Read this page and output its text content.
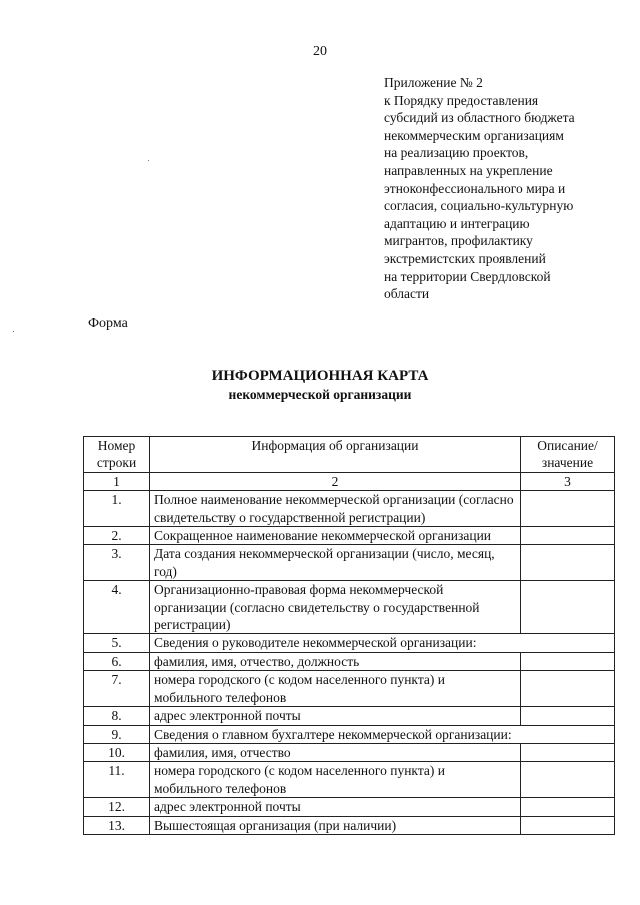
20
Приложение № 2
к Порядку предоставления
субсидий из областного бюджета
некоммерческим организациям
на реализацию проектов,
направленных на укрепление
этноконфессионального мира и
согласия, социально-культурную
адаптацию и интеграцию
мигрантов, профилактику
экстремистских проявлений
на территории Свердловской
области
Форма
ИНФОРМАЦИОННАЯ КАРТА
некоммерческой организации
Номер строки	Информация об организации	Описание/ значение
1	2	3
1.	Полное наименование некоммерческой организации (согласно свидетельству о государственной регистрации)	
2.	Сокращенное наименование некоммерческой организации	
3.	Дата создания некоммерческой организации (число, месяц, год)	
4.	Организационно-правовая форма некоммерческой организации (согласно свидетельству о государственной регистрации)	
5.	Сведения о руководителе некоммерческой организации:	
6.	фамилия, имя, отчество, должность	
7.	номера городского (с кодом населенного пункта) и мобильного телефонов	
8.	адрес электронной почты	
9.	Сведения о главном бухгалтере некоммерческой организации:	
10.	фамилия, имя, отчество	
11.	номера городского (с кодом населенного пункта) и мобильного телефонов	
12.	адрес электронной почты	
13.	Вышестоящая организация (при наличии)	
